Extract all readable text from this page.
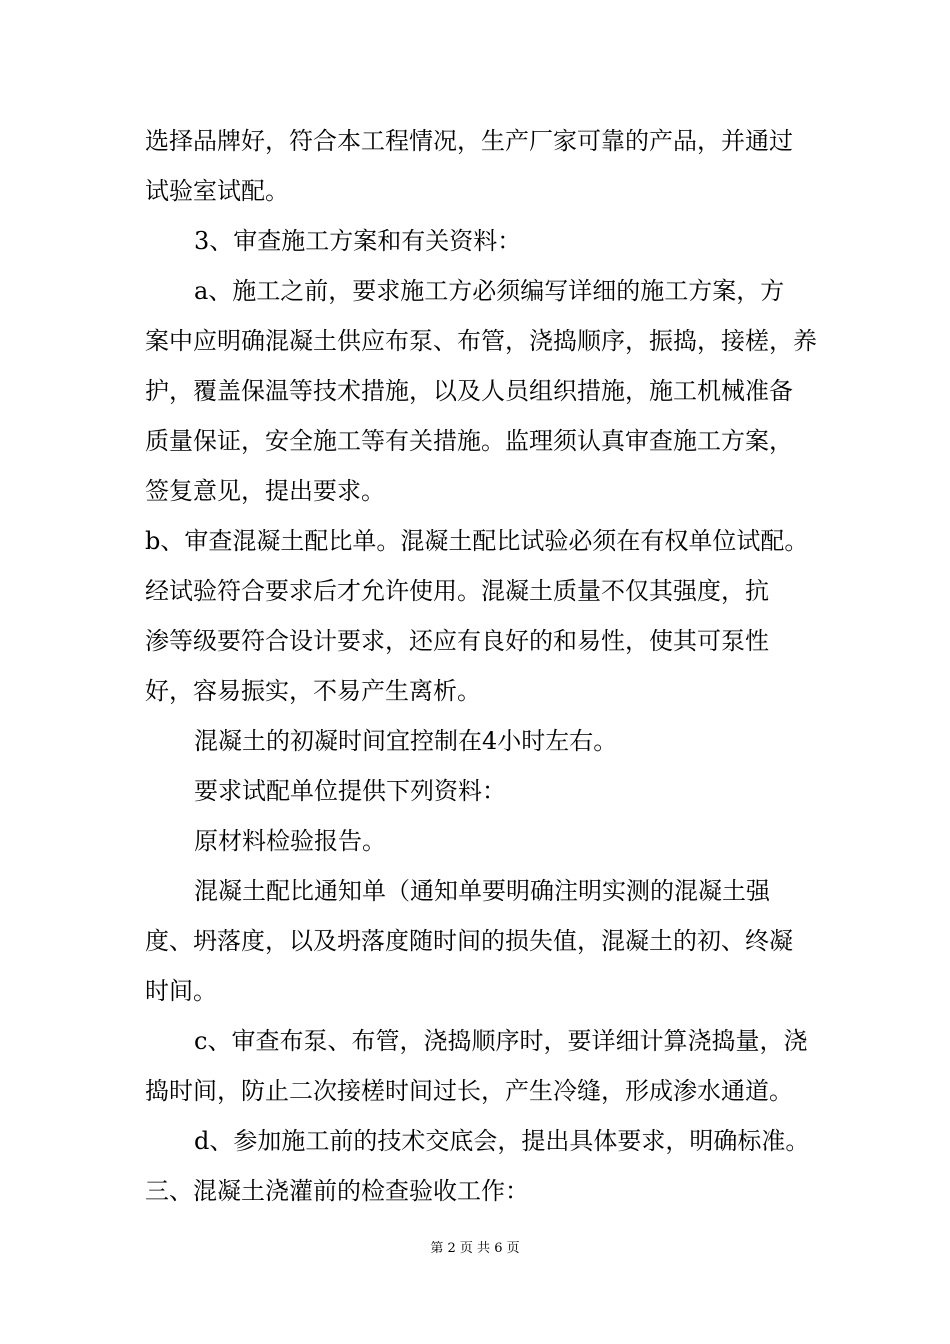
选择品牌好，符合本工程情况，生产厂家可靠的产品，并通过
试验室试配。
3、审查施工方案和有关资料：
a、施工之前，要求施工方必须编写详细的施工方案，方
案中应明确混凝土供应布泵、布管，浇捣顺序，振捣，接槎，养
护，覆盖保温等技术措施，以及人员组织措施，施工机械准备
质量保证，安全施工等有关措施。监理须认真审查施工方案，
签复意见，提出要求。
b、审查混凝土配比单。混凝土配比试验必须在有权单位试配。
经试验符合要求后才允许使用。混凝土质量不仅其强度，抗
渗等级要符合设计要求，还应有良好的和易性，使其可泵性
好，容易振实，不易产生离析。
混凝土的初凝时间宜控制在4小时左右。
要求试配单位提供下列资料：
原材料检验报告。
混凝土配比通知单（通知单要明确注明实测的混凝土强
度、坍落度，以及坍落度随时间的损失值，混凝土的初、终凝
时间。
c、审查布泵、布管，浇捣顺序时，要详细计算浇捣量，浇
捣时间，防止二次接槎时间过长，产生冷缝，形成渗水通道。
d、参加施工前的技术交底会，提出具体要求，明确标准。
三、混凝土浇灌前的检查验收工作：
第 2 页 共 6 页
